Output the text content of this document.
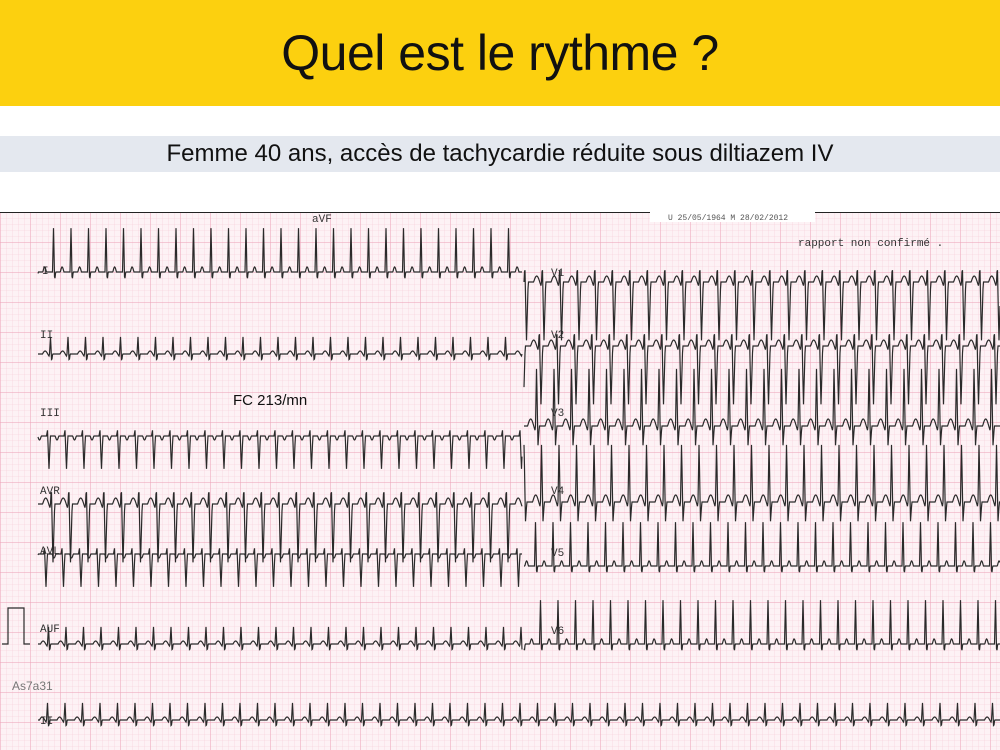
Quel est le rythme ?
Femme 40 ans, accès de tachycardie réduite sous diltiazem IV
U 25/05/1964 M 28/02/2012
rapport non confirmé .
aVF
I
II
III
AVR
AVL
AUF
V1
V2
V3
V4
V5
V6
II
FC 213/mn
As7a31
